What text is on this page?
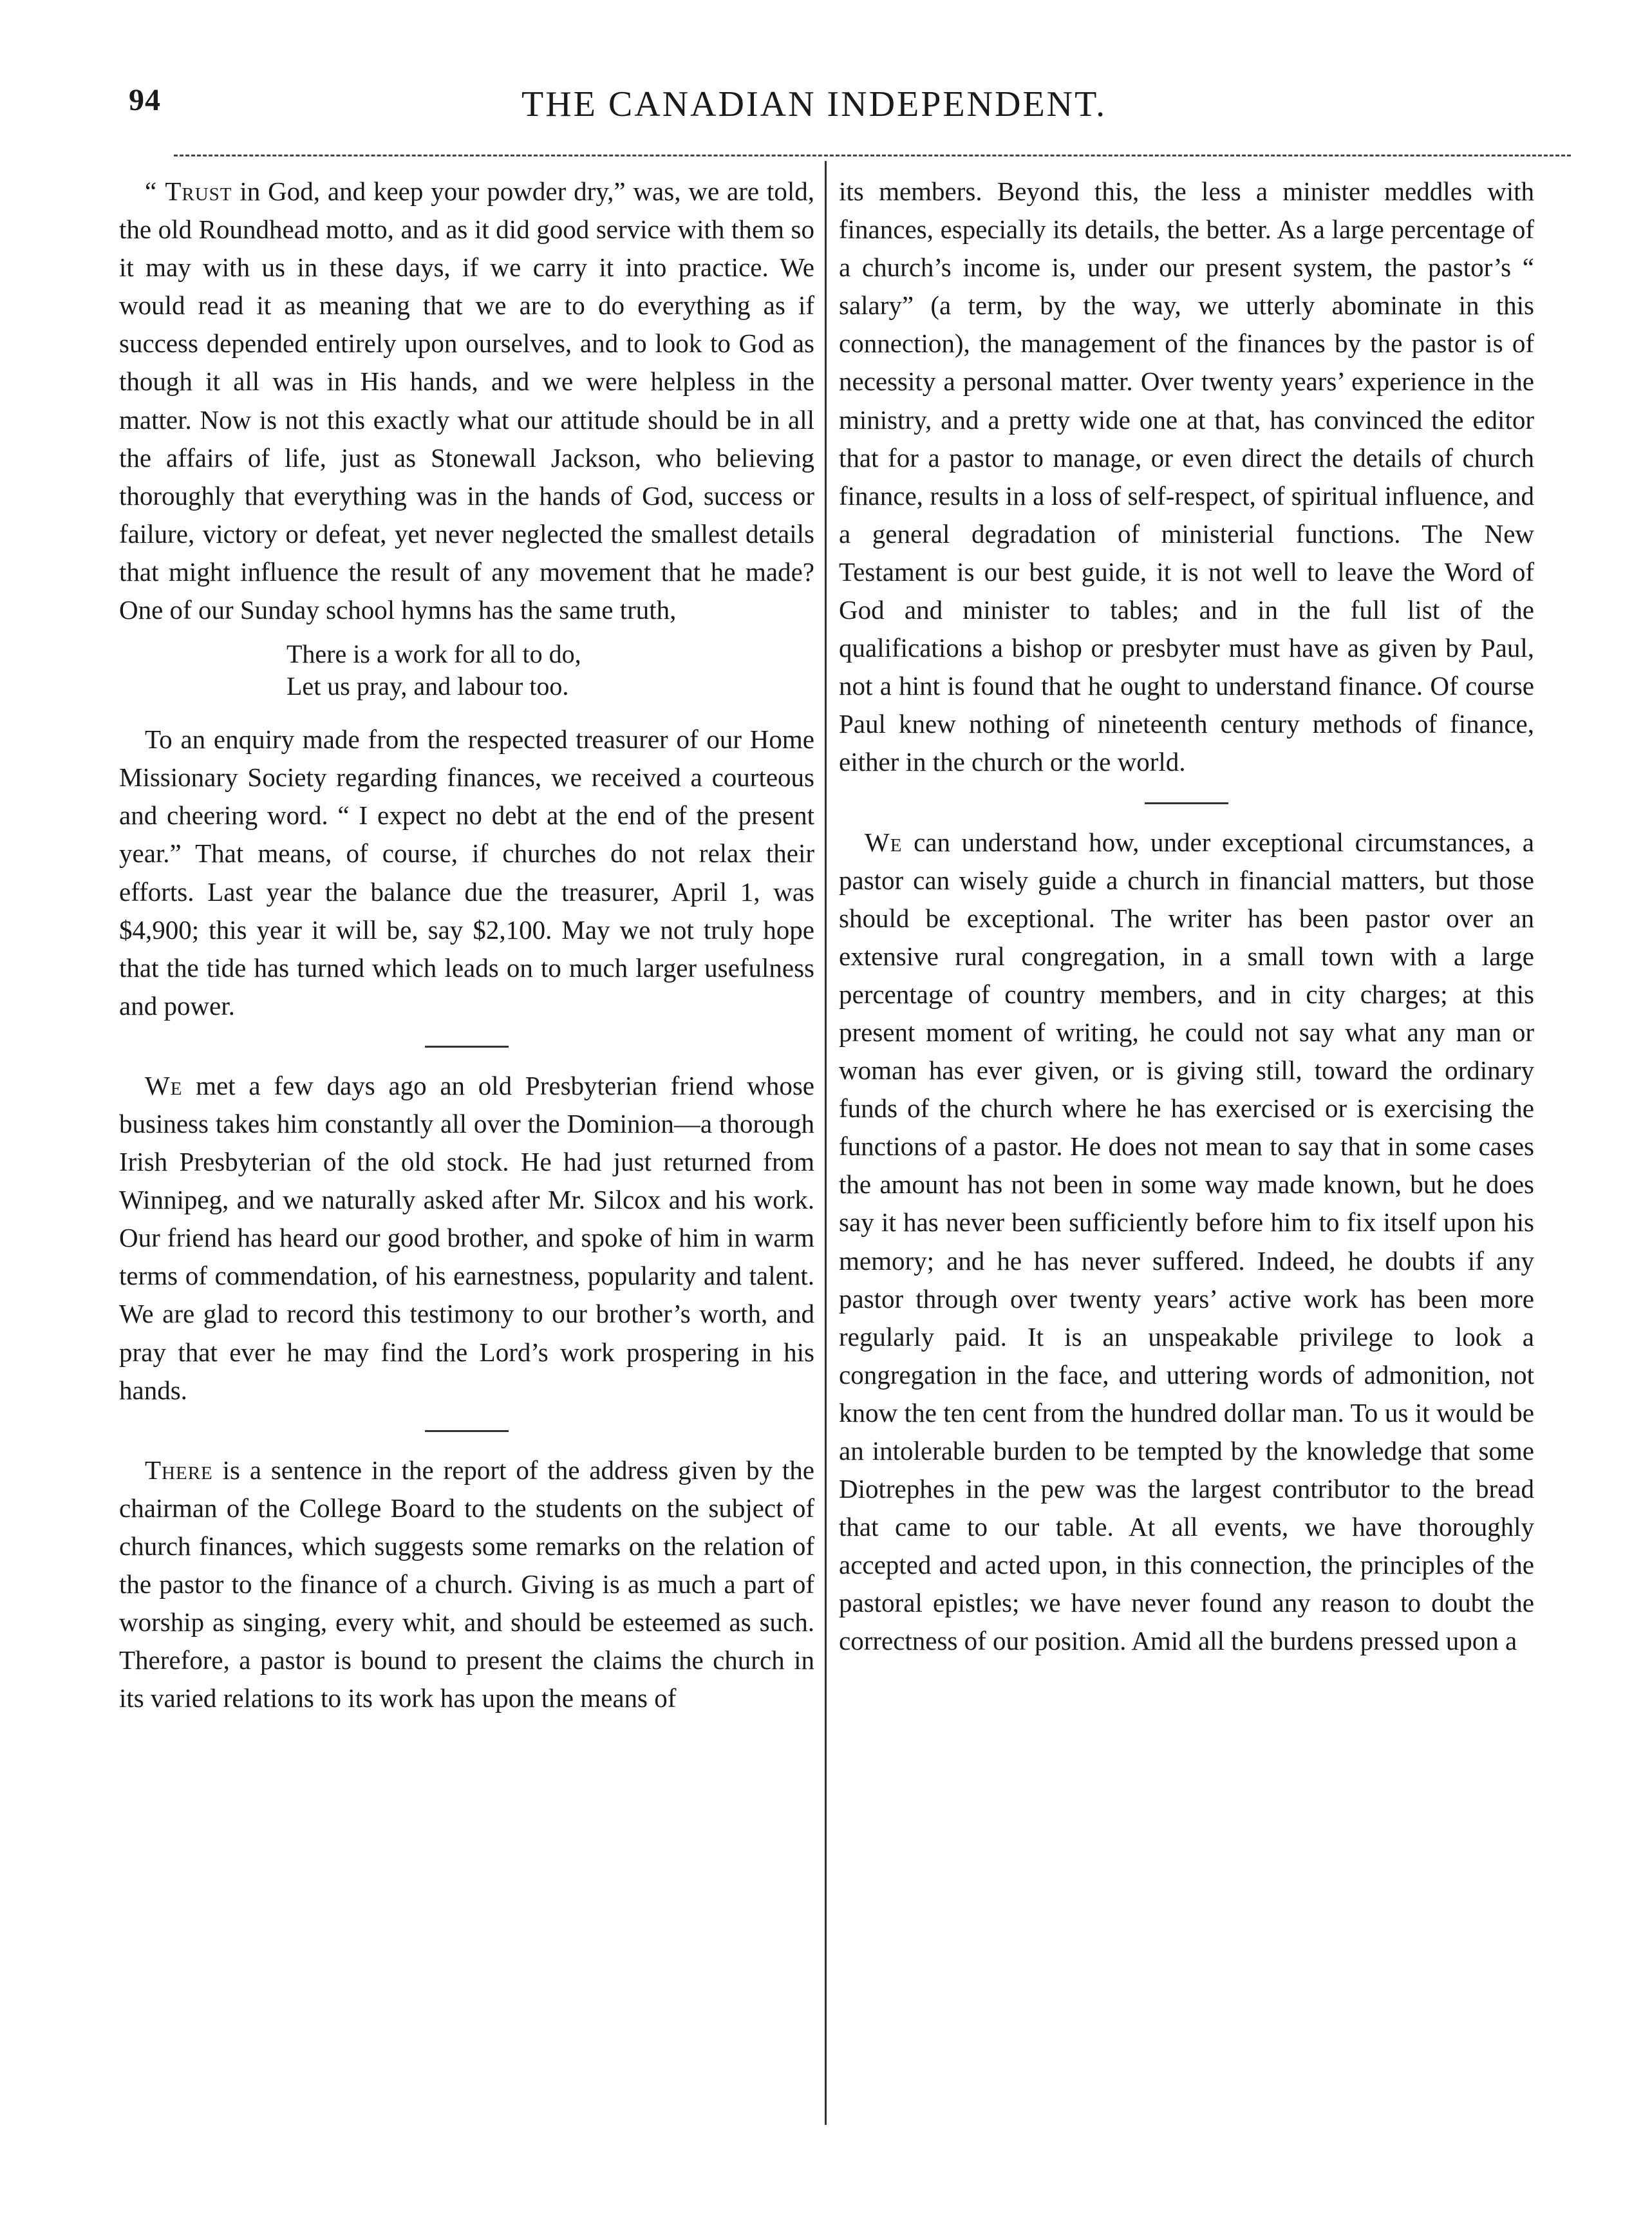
94	THE CANADIAN INDEPENDENT.

“ Trust in God, and keep your powder dry,” was, we are told, the old Roundhead motto, and as it did good service with them so it may with us in these days, if we carry it into practice. We would read it as meaning that we are to do everything as if success depended entirely upon ourselves, and to look to God as though it all was in His hands, and we were helpless in the matter. Now is not this exactly what our attitude should be in all the affairs of life, just as Stonewall Jackson, who believing thoroughly that everything was in the hands of God, success or failure, victory or defeat, yet never neglected the smallest details that might influence the result of any movement that he made? One of our Sunday school hymns has the same truth,

There is a work for all to do,
Let us pray, and labour too.

To an enquiry made from the respected treasurer of our Home Missionary Society regarding finances, we received a courteous and cheering word. “ I expect no debt at the end of the present year.” That means, of course, if churches do not relax their efforts. Last year the balance due the treasurer, April 1, was $4,900; this year it will be, say $2,100. May we not truly hope that the tide has turned which leads on to much larger usefulness and power.

We met a few days ago an old Presbyterian friend whose business takes him constantly all over the Dominion—a thorough Irish Presbyterian of the old stock. He had just returned from Winnipeg, and we naturally asked after Mr. Silcox and his work. Our friend has heard our good brother, and spoke of him in warm terms of commendation, of his earnestness, popularity and talent. We are glad to record this testimony to our brother’s worth, and pray that ever he may find the Lord’s work prospering in his hands.

There is a sentence in the report of the address given by the chairman of the College Board to the students on the subject of church finances, which suggests some remarks on the relation of the pastor to the finance of a church. Giving is as much a part of worship as singing, every whit, and should be esteemed as such. Therefore, a pastor is bound to present the claims the church in its varied relations to its work has upon the means of

its members. Beyond this, the less a minister meddles with finances, especially its details, the better. As a large percentage of a church’s income is, under our present system, the pastor’s “ salary” (a term, by the way, we utterly abominate in this connection), the management of the finances by the pastor is of necessity a personal matter. Over twenty years’ experience in the ministry, and a pretty wide one at that, has convinced the editor that for a pastor to manage, or even direct the details of church finance, results in a loss of self-respect, of spiritual influence, and a general degradation of ministerial functions. The New Testament is our best guide, it is not well to leave the Word of God and minister to tables; and in the full list of the qualifications a bishop or presbyter must have as given by Paul, not a hint is found that he ought to understand finance. Of course Paul knew nothing of nineteenth century methods of finance, either in the church or the world.

We can understand how, under exceptional circumstances, a pastor can wisely guide a church in financial matters, but those should be exceptional. The writer has been pastor over an extensive rural congregation, in a small town with a large percentage of country members, and in city charges; at this present moment of writing, he could not say what any man or woman has ever given, or is giving still, toward the ordinary funds of the church where he has exercised or is exercising the functions of a pastor. He does not mean to say that in some cases the amount has not been in some way made known, but he does say it has never been sufficiently before him to fix itself upon his memory; and he has never suffered. Indeed, he doubts if any pastor through over twenty years’ active work has been more regularly paid. It is an unspeakable privilege to look a congregation in the face, and uttering words of admonition, not know the ten cent from the hundred dollar man. To us it would be an intolerable burden to be tempted by the knowledge that some Diotrephes in the pew was the largest contributor to the bread that came to our table. At all events, we have thoroughly accepted and acted upon, in this connection, the principles of the pastoral epistles; we have never found any reason to doubt the correctness of our position. Amid all the burdens pressed upon a
